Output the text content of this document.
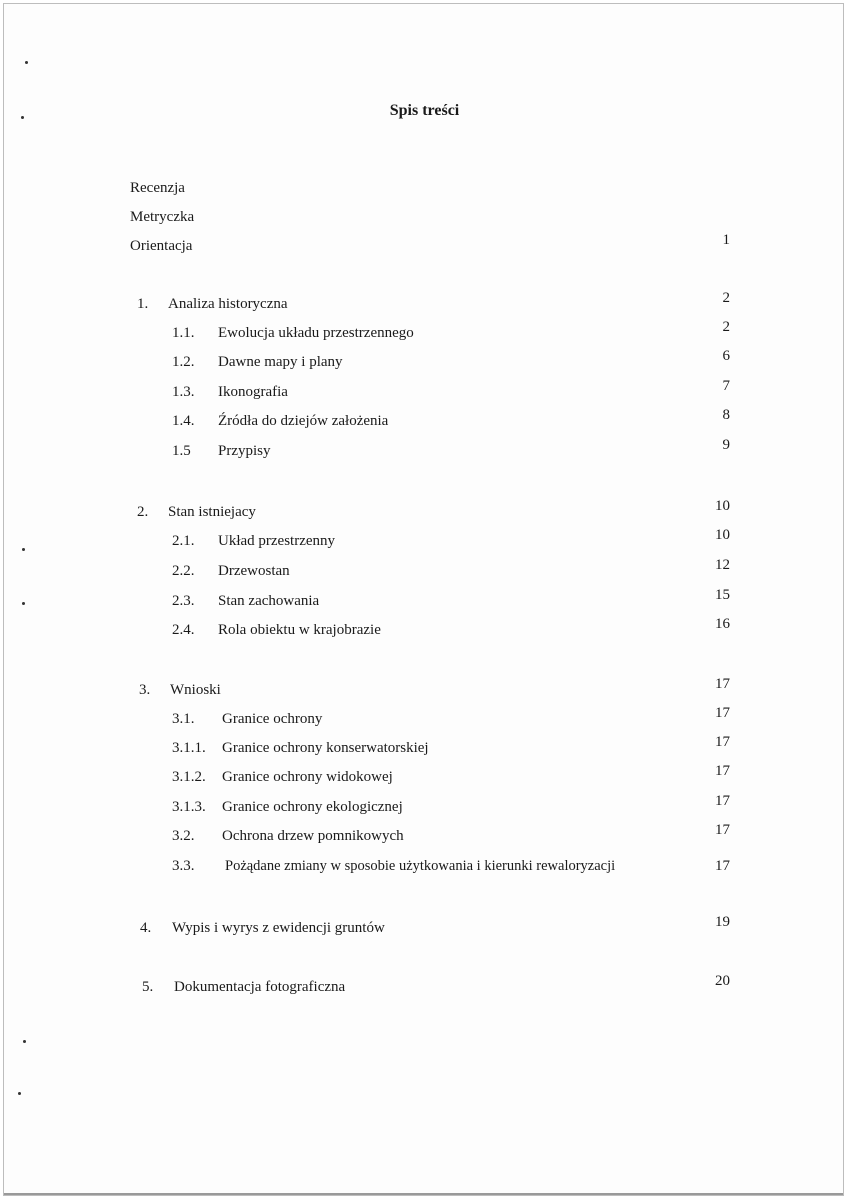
Spis treści
Recenzja
Metryczka
Orientacja	1
1. Analiza historyczna	2
1.1. Ewolucja układu przestrzennego	2
1.2. Dawne mapy i plany	6
1.3. Ikonografia	7
1.4. Źródła do dziejów założenia	8
1.5 Przypisy	9
2. Stan istniejacy	10
2.1. Układ przestrzenny	10
2.2. Drzewostan	12
2.3. Stan zachowania	15
2.4. Rola obiektu w krajobrazie	16
3. Wnioski	17
3.1. Granice ochrony	17
3.1.1. Granice ochrony konserwatorskiej	17
3.1.2. Granice ochrony widokowej	17
3.1.3. Granice ochrony ekologicznej	17
3.2. Ochrona drzew pomnikowych	17
3.3. Pożądane zmiany w sposobie użytkowania i kierunki rewaloryzacji	17
4. Wypis i wyrys z ewidencji gruntów	19
5. Dokumentacja fotograficzna	20
